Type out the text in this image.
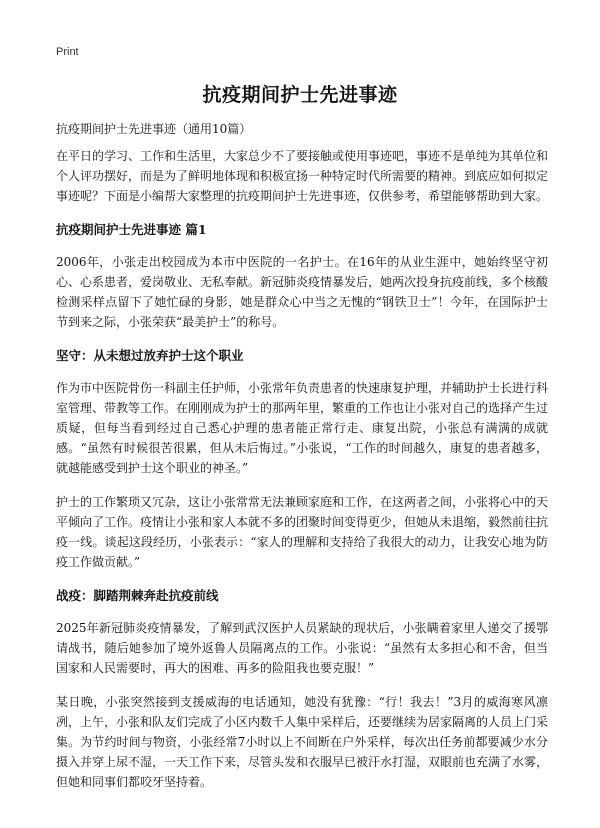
Print
抗疫期间护士先进事迹
抗疫期间护士先进事迹（通用10篇）

在平日的学习、工作和生活里，大家总少不了要接触或使用事迹吧，事迹不是单纯为其单位和个人评功摆好，而是为了鲜明地体现和积极宣扬一种特定时代所需要的精神。到底应如何拟定事迹呢？下面是小编帮大家整理的抗疫期间护士先进事迹，仅供参考，希望能够帮助到大家。

抗疫期间护士先进事迹 篇1

2006年，小张走出校园成为本市中医院的一名护士。在16年的从业生涯中，她始终坚守初心、心系患者，爱岗敬业、无私奉献。新冠肺炎疫情暴发后，她两次投身抗疫前线，多个核酸检测采样点留下了她忙碌的身影，她是群众心中当之无愧的“钢铁卫士”！今年，在国际护士节到来之际，小张荣获“最美护士”的称号。

坚守：从未想过放弃护士这个职业

作为市中医院骨伤一科副主任护师，小张常年负责患者的快速康复护理，并辅助护士长进行科室管理、带教等工作。在刚刚成为护士的那两年里，繁重的工作也让小张对自己的选择产生过质疑，但每当看到经过自己悉心护理的患者能正常行走、康复出院，小张总有满满的成就感。“虽然有时候很苦很累，但从未后悔过。”小张说，“工作的时间越久，康复的患者越多，就越能感受到护士这个职业的神圣。”

护士的工作繁琐又冗杂，这让小张常常无法兼顾家庭和工作，在这两者之间，小张将心中的天平倾向了工作。疫情让小张和家人本就不多的团聚时间变得更少，但她从未退缩，毅然前往抗疫一线。谈起这段经历，小张表示：“家人的理解和支持给了我很大的动力，让我安心地为防疫工作做贡献。”

战疫：脚踏荆棘奔赴抗疫前线

2025年新冠肺炎疫情暴发，了解到武汉医护人员紧缺的现状后，小张瞒着家里人递交了援鄂请战书，随后她参加了境外返鲁人员隔离点的工作。小张说：“虽然有太多担心和不舍，但当国家和人民需要时，再大的困难、再多的险阻我也要克服！”

某日晚，小张突然接到支援威海的电话通知，她没有犹豫：“行！我去！”3月的威海寒风凛冽，上午，小张和队友们完成了小区内数千人集中采样后，还要继续为居家隔离的人员上门采集。为节约时间与物资，小张经常7小时以上不间断在户外采样，每次出任务前都要减少水分摄入并穿上尿不湿，一天工作下来，尽管头发和衣服早已被汗水打湿，双眼前也充满了水雾，但她和同事们都咬牙坚持着。
